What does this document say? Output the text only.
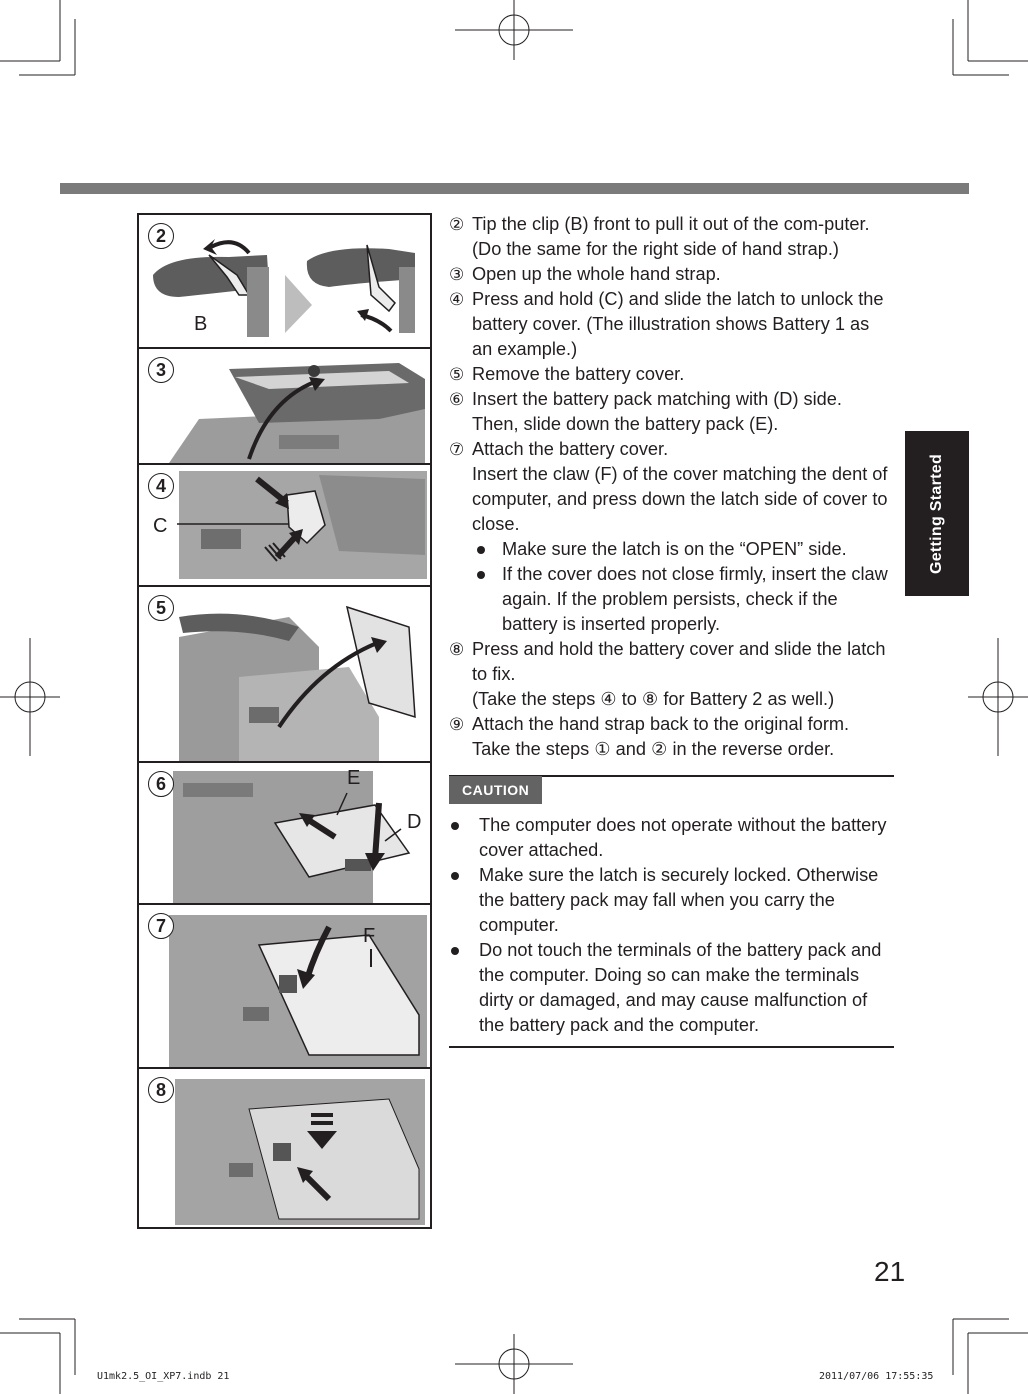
Getting Started
2
B
3
4
C
5
6	E
D
7	F
8
② Tip the clip (B) front to pull it out of the com-puter. (Do the same for the right side of hand strap.)

③ Open up the whole hand strap.

④ Press and hold (C) and slide the latch to unlock the battery cover. (The illustration shows Battery 1 as an example.)

⑤ Remove the battery cover.

⑥ Insert the battery pack matching with (D) side.

Then, slide down the battery pack (E).

⑦ Attach the battery cover.

Insert the claw (F) of the cover matching the dent of computer, and press down the latch side of cover to close.

Make sure the latch is on the “OPEN” side.
If the cover does not close firmly, insert the claw again. If the problem persists, check if the battery is inserted properly.
⑧ Press and hold the battery cover and slide the latch to fix.

(Take the steps ④ to ⑧ for Battery 2 as well.)

⑨ Attach the hand strap back to the original form.

Take the steps ① and ② in the reverse order.

CAUTION
The computer does not operate without the battery cover attached.
Make sure the latch is securely locked. Otherwise the battery pack may fall when you carry the computer.
Do not touch the terminals of the battery pack and the computer. Doing so can make the terminals dirty or damaged, and may cause malfunction of the battery pack and the computer.
21
U1mk2.5_OI_XP7.indb 21	2011/07/06 17:55:35
